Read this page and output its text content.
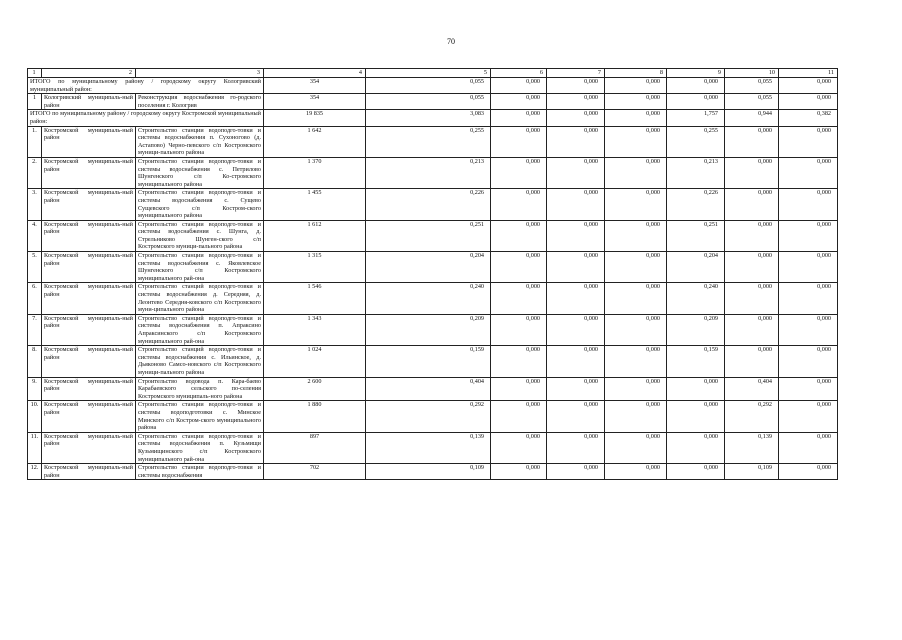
70
1	2	3	4	5	6	7	8	9	10	11
ИТОГО по муниципальному району / городскому округу Кологривский муниципальный район:			354	0,055	0,000	0,000	0,000	0,000	0,055	0,000
1	Кологривский муниципаль-ный район	Реконструкция водоснабжения го-родского поселения г. Кологрив	354	0,055	0,000	0,000	0,000	0,000	0,055	0,000
ИТОГО по муниципальному району / городскому округу Костромской муниципальный район:			19 835	3,083	0,000	0,000	0,000	1,757	0,944	0,382
1.	Костромской муниципаль-ный район	Строительство станции водоподго-товки и системы водоснабжения п. Сухоногово (д. Астапово) Черно-певского с/п Костромского муници-пального района	1 642	0,255	0,000	0,000	0,000	0,255	0,000	0,000
2.	Костромской муниципаль-ный район	Строительство станции водоподго-товки и системы водоснабжения с. Петрилово Шунгенского с/п Ко-стромского муниципального района	1 370	0,213	0,000	0,000	0,000	0,213	0,000	0,000
3.	Костромской муниципаль-ный район	Строительство станции водоподго-товки и системы водоснабжения с. Сущево Сущевского с/п Костром-ского муниципального района	1 455	0,226	0,000	0,000	0,000	0,226	0,000	0,000
4.	Костромской муниципаль-ный район	Строительство станции водоподго-товки и системы водоснабжения с. Шунга, д. Стрельниково Шунген-ского с/п Костромского муници-пального района	1 612	0,251	0,000	0,000	0,000	0,251	0,000	0,000
5.	Костромской муниципаль-ный район	Строительство станции водоподго-товки и системы водоснабжения с. Яковлевское Шунгенского с/п Костромского муниципального рай-она	1 315	0,204	0,000	0,000	0,000	0,204	0,000	0,000
6.	Костромской муниципаль-ный район	Строительство станций водоподго-товки и системы водоснабжения д. Середняя, д. Леонтево Середня-ковского с/п Костромского муни-ципального района	1 546	0,240	0,000	0,000	0,000	0,240	0,000	0,000
7.	Костромской муниципаль-ный район	Строительство станций водоподго-товки и системы водоснабжения п. Апраксино Апраксинского с/п Костромского муниципального рай-она	1 343	0,209	0,000	0,000	0,000	0,209	0,000	0,000
8.	Костромской муниципаль-ный район	Строительство станций водоподго-товки и системы водоснабжения с. Ильинское, д. Дьяконово Самсо-новского с/п Костромского муници-пального района	1 024	0,159	0,000	0,000	0,000	0,159	0,000	0,000
9.	Костромской муниципаль-ный район	Строительство водовода п. Кара-баево Карабаевского сельского по-селения Костромского муниципаль-ного района	2 600	0,404	0,000	0,000	0,000	0,000	0,404	0,000
10.	Костромской муниципаль-ный район	Строительство станции водоподго-товки и системы водоподготовки с. Минское Минского с/п Костром-ского муниципального района	1 880	0,292	0,000	0,000	0,000	0,000	0,292	0,000
11.	Костромской муниципаль-ный район	Строительство станции водоподго-товки и системы водоснабжения п. Кузьмищи Кузьмищинского с/п Костромского муниципального рай-она	897	0,139	0,000	0,000	0,000	0,000	0,139	0,000
12.	Костромской муниципаль-ный район	Строительство станции водоподго-товки и системы водоснабжения	702	0,109	0,000	0,000	0,000	0,000	0,109	0,000
